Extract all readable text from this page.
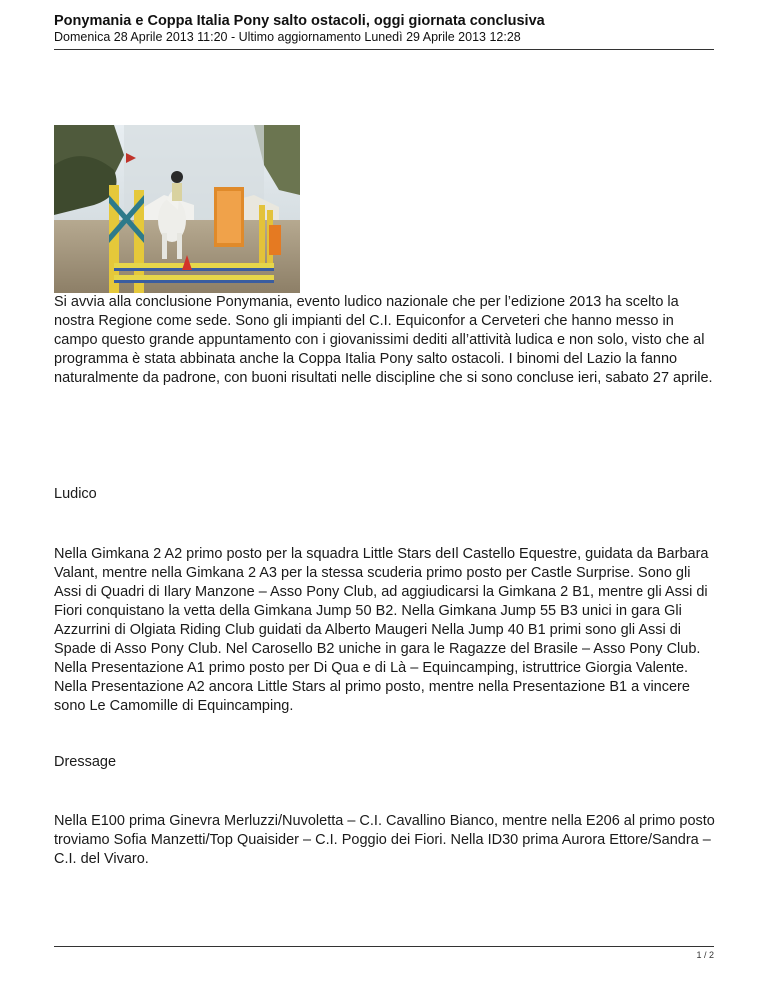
Ponymania e Coppa Italia Pony salto ostacoli, oggi giornata conclusiva
Domenica 28 Aprile 2013 11:20 - Ultimo aggiornamento Lunedì 29 Aprile 2013 12:28
Si avvia alla conclusione Ponymania, evento ludico nazionale che per l’edizione 2013 ha scelto la nostra Regione come sede. Sono gli impianti del C.I. Equiconfor a Cerveteri che hanno messo in campo questo grande appuntamento con i giovanissimi dediti all’attività ludica e non solo, visto che al programma è stata abbinata anche la Coppa Italia Pony salto ostacoli. I binomi del Lazio la fanno naturalmente da padrone, con buoni risultati nelle discipline che si sono concluse ieri, sabato 27 aprile.
Ludico
Nella Gimkana 2 A2 primo posto per la squadra Little Stars deIl Castello Equestre, guidata da Barbara Valant, mentre nella Gimkana 2 A3 per la stessa scuderia primo posto per Castle Surprise. Sono gli Assi di Quadri di Ilary Manzone – Asso Pony Club, ad aggiudicarsi la Gimkana 2 B1, mentre gli Assi di Fiori conquistano la vetta della Gimkana Jump 50 B2. Nella Gimkana Jump 55 B3 unici in gara Gli Azzurrini di Olgiata Riding Club guidati da Alberto Maugeri Nella Jump 40 B1 primi sono gli Assi di Spade di Asso Pony Club. Nel Carosello B2 uniche in gara le Ragazze del Brasile – Asso Pony Club. Nella Presentazione A1 primo posto per Di Qua e di Là – Equincamping, istruttrice Giorgia Valente. Nella Presentazione A2 ancora Little Stars al primo posto, mentre nella Presentazione B1 a vincere sono Le Camomille di Equincamping.
Dressage
Nella E100 prima Ginevra Merluzzi/Nuvoletta – C.I. Cavallino Bianco, mentre nella E206 al primo posto troviamo Sofia Manzetti/Top Quaisider – C.I. Poggio dei Fiori. Nella ID30 prima Aurora Ettore/Sandra – C.I. del Vivaro.
1 / 2
